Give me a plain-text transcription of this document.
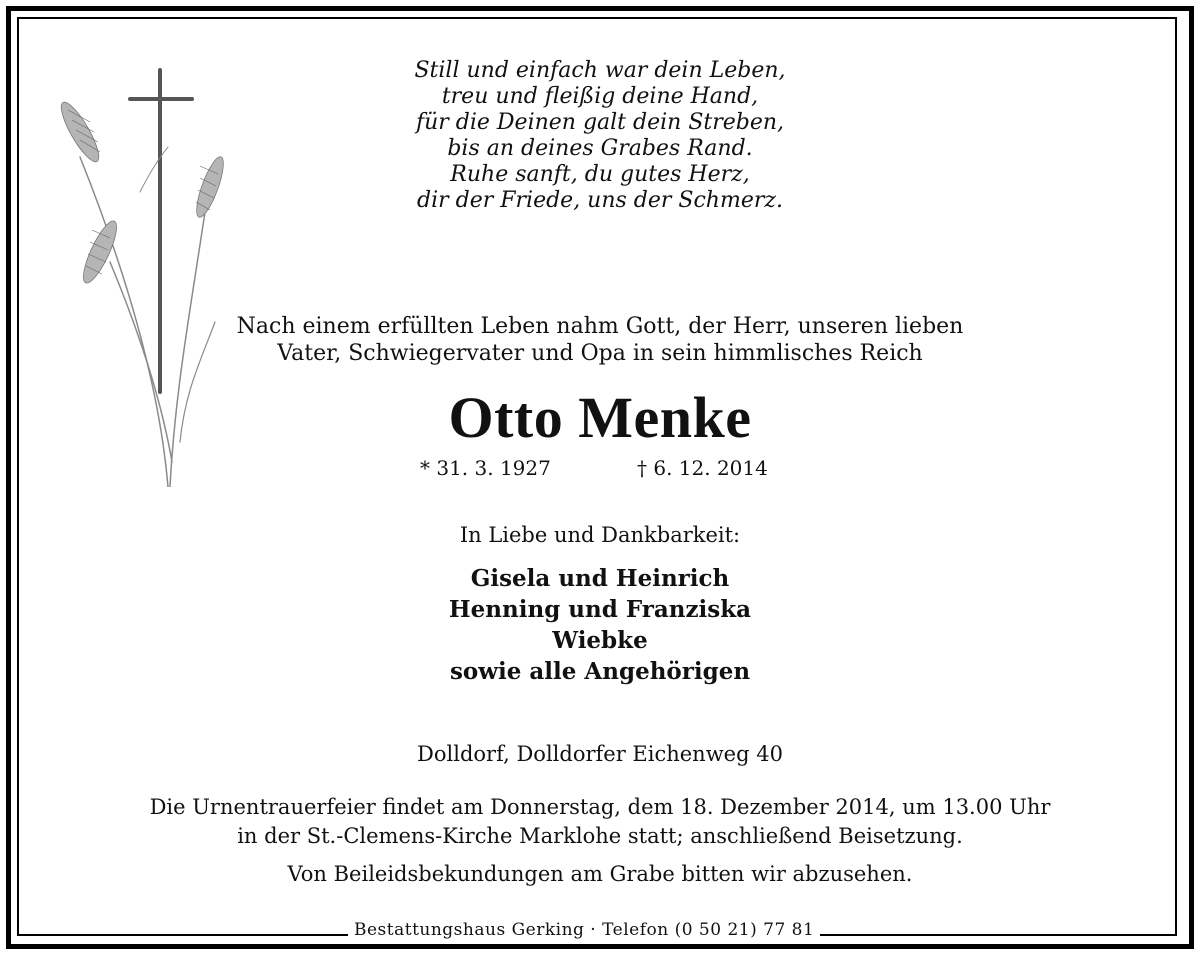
Still und einfach war dein Leben,
treu und fleißig deine Hand,
für die Deinen galt dein Streben,
bis an deines Grabes Rand.
Ruhe sanft, du gutes Herz,
dir der Friede, uns der Schmerz.
Nach einem erfüllten Leben nahm Gott, der Herr, unseren lieben
Vater, Schwiegervater und Opa in sein himmlisches Reich
Otto Menke
* 31. 3. 1927	† 6. 12. 2014
In Liebe und Dankbarkeit:
Gisela und Heinrich
Henning und Franziska
Wiebke
sowie alle Angehörigen
Dolldorf, Dolldorfer Eichenweg 40
Die Urnentrauerfeier findet am Donnerstag, dem 18. Dezember 2014, um 13.00 Uhr
in der St.-Clemens-Kirche Marklohe statt; anschließend Beisetzung.
Von Beileidsbekundungen am Grabe bitten wir abzusehen.
Bestattungshaus Gerking · Telefon (0 50 21) 77 81
